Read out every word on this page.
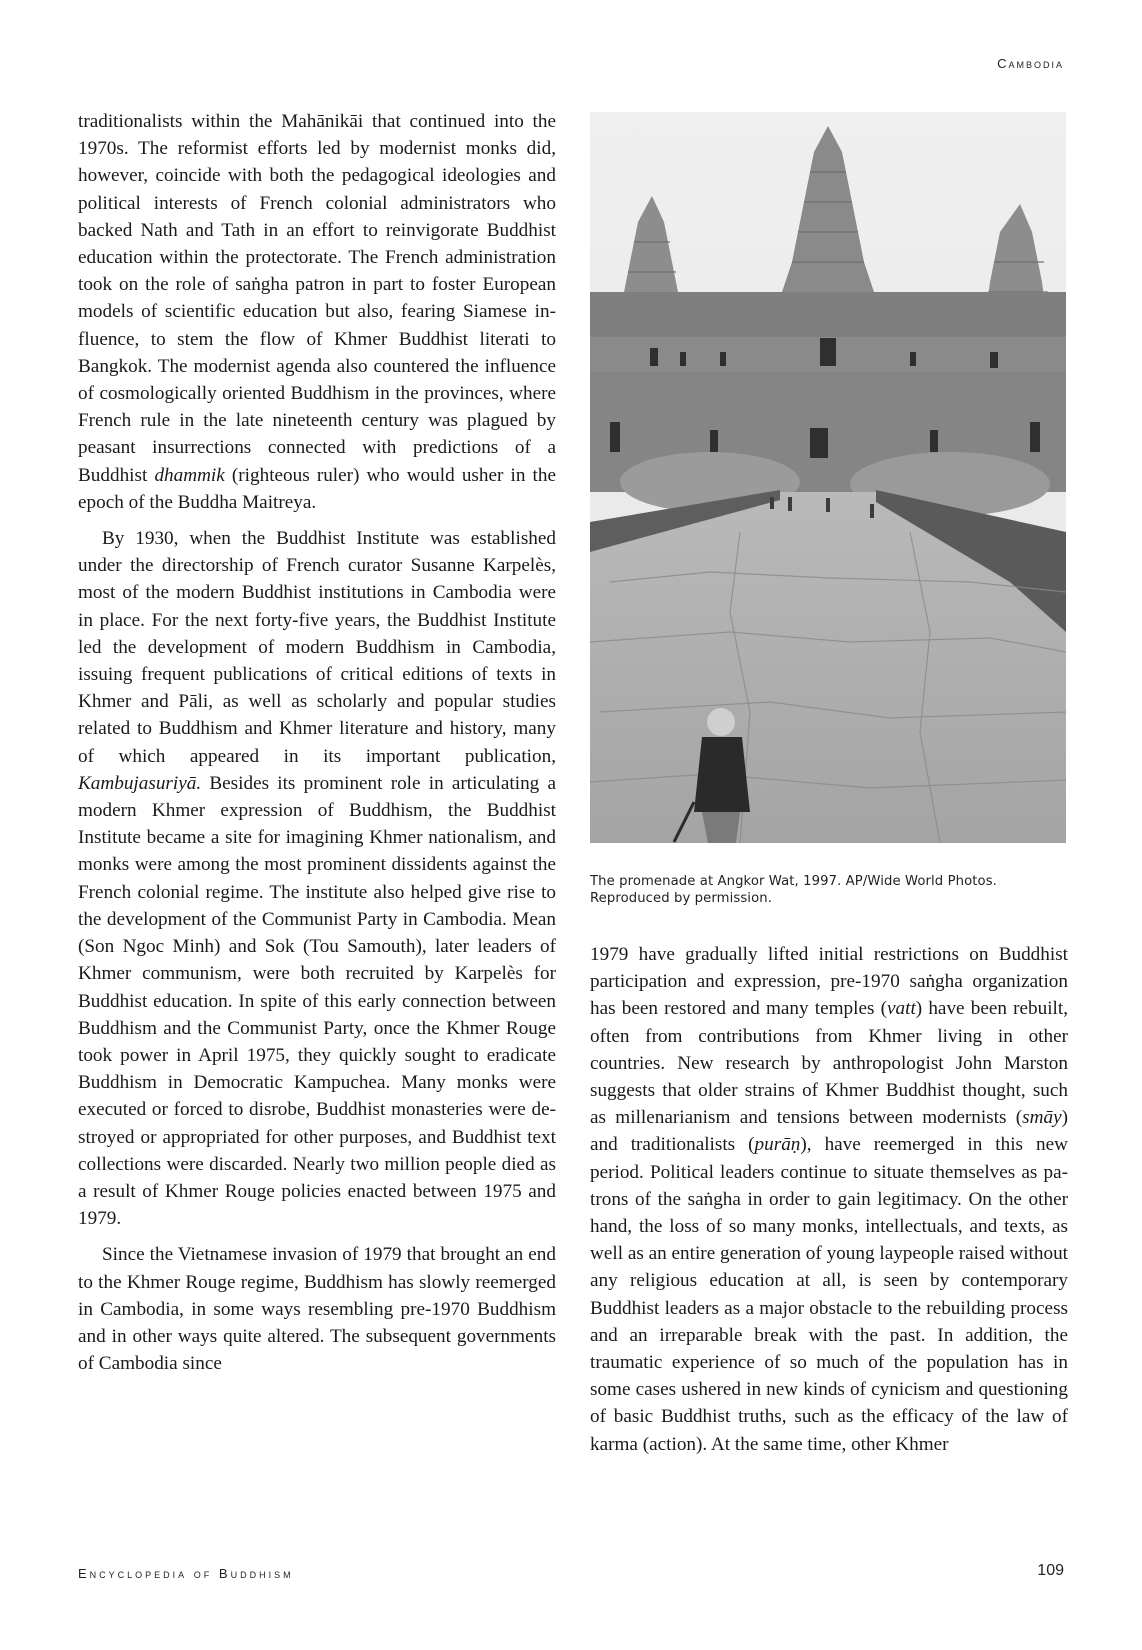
Cambodia

traditionalists within the Mahānikāi that continued into the 1970s. The reformist efforts led by modernist monks did, however, coincide with both the pedagogical ideologies and political interests of French colonial administrators who backed Nath and Tath in an effort to reinvigorate Buddhist education within the protectorate. The French administration took on the role of saṅgha patron in part to foster European models of scientific education but also, fearing Siamese influence, to stem the flow of Khmer Buddhist literati to Bangkok. The modernist agenda also countered the influence of cosmologically oriented Buddhism in the provinces, where French rule in the late nineteenth century was plagued by peasant insurrections connected with predictions of a Buddhist dhammik (righteous ruler) who would usher in the epoch of the Buddha Maitreya.

By 1930, when the Buddhist Institute was established under the directorship of French curator Susanne Karpelès, most of the modern Buddhist institutions in Cambodia were in place. For the next forty-five years, the Buddhist Institute led the development of modern Buddhism in Cambodia, issuing frequent publications of critical editions of texts in Khmer and Pāli, as well as scholarly and popular studies related to Buddhism and Khmer literature and history, many of which appeared in its important publication, Kambujasuriyā. Besides its prominent role in articulating a modern Khmer expression of Buddhism, the Buddhist Institute became a site for imagining Khmer nationalism, and monks were among the most prominent dissidents against the French colonial regime. The institute also helped give rise to the development of the Communist Party in Cambodia. Mean (Son Ngoc Minh) and Sok (Tou Samouth), later leaders of Khmer communism, were both recruited by Karpelès for Buddhist education. In spite of this early connection between Buddhism and the Communist Party, once the Khmer Rouge took power in April 1975, they quickly sought to eradicate Buddhism in Democratic Kampuchea. Many monks were executed or forced to disrobe, Buddhist monasteries were destroyed or appropriated for other purposes, and Buddhist text collections were discarded. Nearly two million people died as a result of Khmer Rouge policies enacted between 1975 and 1979.

Since the Vietnamese invasion of 1979 that brought an end to the Khmer Rouge regime, Buddhism has slowly reemerged in Cambodia, in some ways resembling pre-1970 Buddhism and in other ways quite altered. The subsequent governments of Cambodia since

The promenade at Angkor Wat, 1997. AP/Wide World Photos.
Reproduced by permission.

1979 have gradually lifted initial restrictions on Buddhist participation and expression, pre-1970 saṅgha organization has been restored and many temples (vatt) have been rebuilt, often from contributions from Khmer living in other countries. New research by anthropologist John Marston suggests that older strains of Khmer Buddhist thought, such as millenarianism and tensions between modernists (smāy) and traditionalists (purāṇ), have reemerged in this new period. Political leaders continue to situate themselves as patrons of the saṅgha in order to gain legitimacy. On the other hand, the loss of so many monks, intellectuals, and texts, as well as an entire generation of young laypeople raised without any religious education at all, is seen by contemporary Buddhist leaders as a major obstacle to the rebuilding process and an irreparable break with the past. In addition, the traumatic experience of so much of the population has in some cases ushered in new kinds of cynicism and questioning of basic Buddhist truths, such as the efficacy of the law of karma (action). At the same time, other Khmer

Encyclopedia of Buddhism	109
